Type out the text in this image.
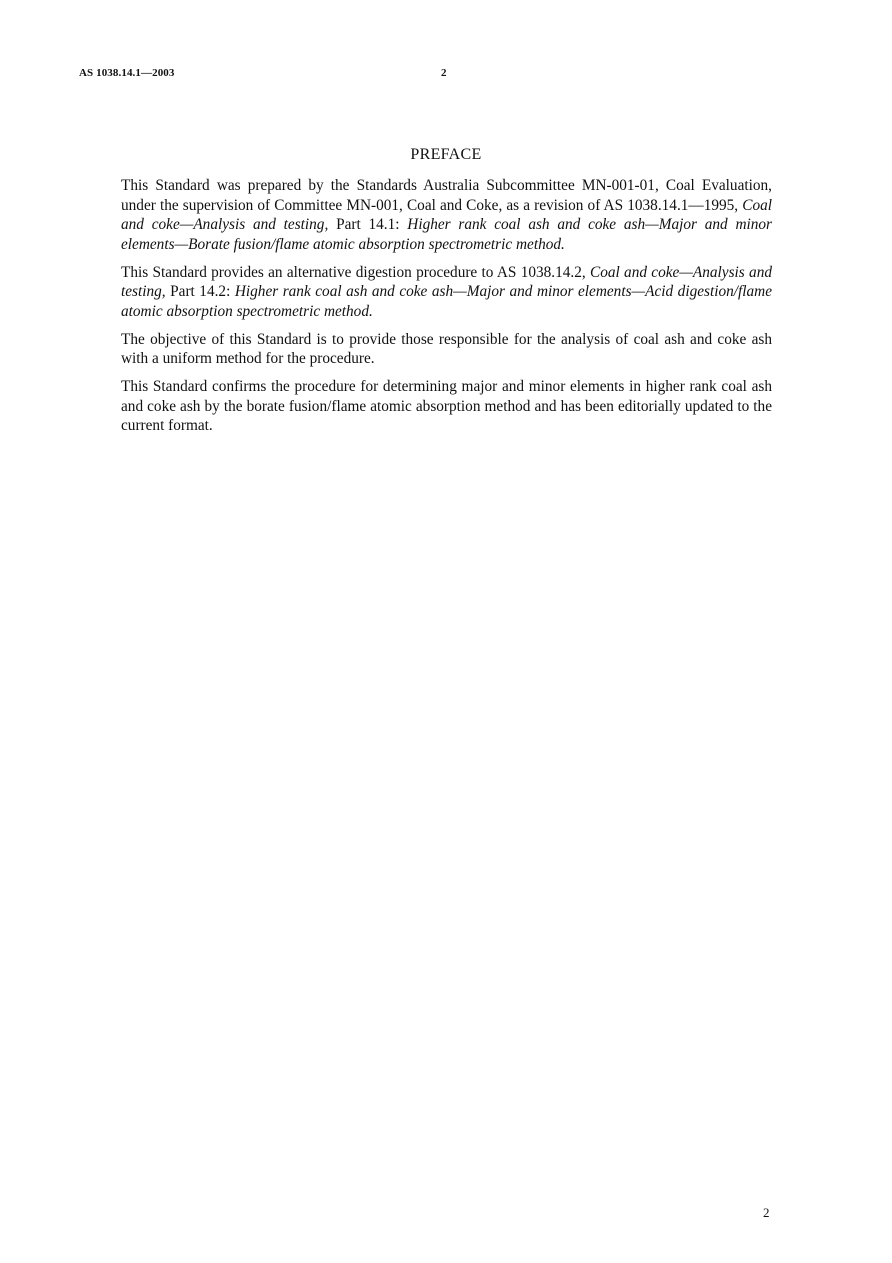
AS 1038.14.1—2003	2
PREFACE

This Standard was prepared by the Standards Australia Subcommittee MN-001-01, Coal Evaluation, under the supervision of Committee MN-001, Coal and Coke, as a revision of AS 1038.14.1—1995, Coal and coke—Analysis and testing, Part 14.1: Higher rank coal ash and coke ash—Major and minor elements—Borate fusion/flame atomic absorption spectrometric method.

This Standard provides an alternative digestion procedure to AS 1038.14.2, Coal and coke—Analysis and testing, Part 14.2: Higher rank coal ash and coke ash—Major and minor elements—Acid digestion/flame atomic absorption spectrometric method.

The objective of this Standard is to provide those responsible for the analysis of coal ash and coke ash with a uniform method for the procedure.

This Standard confirms the procedure for determining major and minor elements in higher rank coal ash and coke ash by the borate fusion/flame atomic absorption method and has been editorially updated to the current format.

2
